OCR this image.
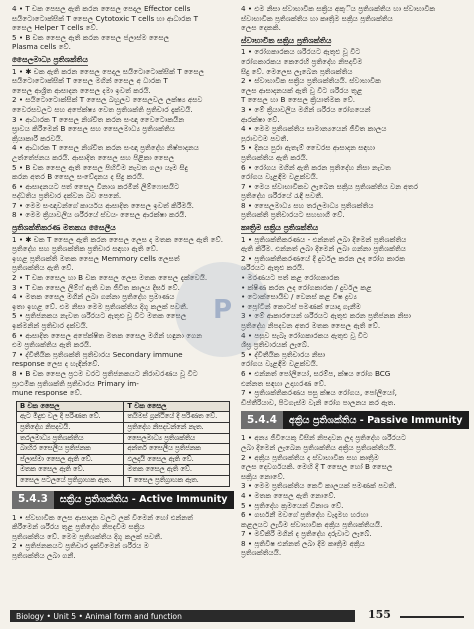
4 • T චක පෙසල ඇති කරන සෛල පෙදල Effector cells
සයිටොටොක්සික් T සෛල Cytotoxic T cells හා ආධාරක T
සෛල Helper T cells වේ.
5 • B චක සෛල ඇති කරන සෛල ජලාස්ම සෛල
Plasma cells වේ.
සෛලමාධ්‍ය ප්‍රතිශක්තිය
1 • ✱ චක ඇති කරන සෛල පෙදල සයිටොටොක්සික් T සෛල
සයිටොටොක්සික් T සෛල මගින් සෛල අ ධාරක T
සෛල ආශ්‍රිත ආසාදන සෛල දමා ඉවත් කරයි.
2 • සයිටොටොක්සික් T සෛල බහුලව සෛලවල ලක්ෂ්‍ය අසව
වෛරසවලට සහ අපේක්ෂ්‍ය වෙත ප්‍රතිශක්ති ප්‍රතිචාර දැක්වයි.
3 • ආධාරක T සෛල නිශ්චිත කරන සංඥා වෛටොකයින
ස්‍රාවය කිරීමෙන් B සෛල සහ සෛලමාධ්‍ය ප්‍රතිශක්තිය
ක්‍රියාකාරී කරවයි.
4 • ආධාරක T සෛල නිශ්චිත කරන සංඥා ප්‍රතිදේහ නිෂ්පාදනය
උත්තේජනය කරයි. ආසාදිත සෛල සහ පිළිකා සෛල
5 • B චක සෛල ඇති සෛල පිහිටීම නැවත ගලා යෑම සිදු
කරන අතර B සෛල සංවේදනය ද සිදු කරයි.
6 • ආසාදනයට පත් සෛල විනාශ කරමින් ලිම්ෆොසයිට
පද්ධතිය ප්‍රතිචාර දක්වන බව පෙනේ.
7 • මෙම සංඥාවන්ගේ කාර්යය ආසාදිත සෛල ඉවත් කිරීමයි.
8 • මෙම ක්‍රියාවලිය ශරීරයේ ස්වයං සෛල ආරක්ෂා කරයි.
ප්‍රතිශක්තිකරණ මතකය සෛලීය
1 • ✱ චක T සෛල ඇති කරන සෛල ලෙස ද මතක සෛල ඇති වේ.
ප්‍රතිදේහ සහ ප්‍රතිශක්තික ප්‍රතිචාර සඳහා ඇති වේ.
ඉහළ ප්‍රතිශක්ති මතක සෛල Memmory cells ලෙසත්
ප්‍රතිශක්තිය ඇති වේ.
2 • T චක සෛල හා B චක සෛල ලෙස මතක සෛල දැක්වෙයි.
3 • T චක සෛල ලිම්ෆ් ඇති වන ජීවිත කාලය දීර්ඝ වේ.
4 • මතක සෛල මගින් ලබා ගන්නා ප්‍රතිදේහ ප්‍රමාණය
ඉතා ඉහළ වේ. එම නිසා මෙම ප්‍රතිශක්තිය දිගු කලක් පවතී.
5 • ප්‍රතිජනකය නැවත ශරීරයට ඇතුළු වූ විට මතක සෛල
ඉක්මනින් ප්‍රතිචාර දක්වයි.
6 • ආසාදිත සෛල අපේක්ෂිත මතක සෛල මගින් හඳුනා ගෙන
එම ප්‍රතිශක්තිය ඇති කරයි.
7 • ද්විතීයික ප්‍රතිශක්ති ප්‍රතිචාරය Secondary immune
response ලෙස ද හැඳින්වේ.
8 • B චක සෛල ප්‍රථම වරට ප්‍රතිජනකයට නිරාවරණය වූ විට
ප්‍රාථමික ප්‍රතිශක්ති ප්‍රතිචාරය Primary im-
mune response වේ.
B චක සෛල	T චක සෛල
ඇට මිදුළු වල දී පරිණත වේ.	තයිමස් ග්‍රන්ථියේ දී පරිණත වේ.
ප්‍රතිදේහ නිපදවයි.	ප්‍රතිදේහ නිපදවන්නේ නැත.
තරලමාධ්‍ය ප්‍රතිශක්තිය	සෛලමාධ්‍ය ප්‍රතිශක්තිය
බාහිර සෛලීය ප්‍රතිජනක	අන්තර් සෛලීය ප්‍රතිජනක
ප්ලාස්මා සෛල ඇති වේ.	ඵලදායී සෛල ඇති වේ.
මතක සෛල ඇති වේ.	මතක සෛල ඇති වේ.
සෛල පටලයේ ප්‍රතිග්‍රාහක ඇත.	T සෛල ප්‍රතිග්‍රාහක ඇත.
5.4.3	සක්‍රිය ප්‍රතිශක්තිය - Active Immunity
1 • ස්වභාවික ලෙස ආසාදන වලට ලක් වීමෙන් හෝ එන්නත්
කිරීමෙන් ශරීරය තුළ ප්‍රතිදේහ නිපදවීම සක්‍රිය
ප්‍රතිශක්තිය වේ. මෙම ප්‍රතිශක්තිය දිගු කලක් පවතී.
2 • ප්‍රතිජනකයට ප්‍රතිචාර දැක්වීමෙන් ශරීරය ම
ප්‍රතිශක්තිය ලබා ගනී.
4 • එම නිසා ස්වාභාවික සක්‍රිය අකුිය ප්‍රතිශක්තිය හා ස්වාභාවික
ස්වාභාවික ප්‍රතිශක්තිය හා කෘත්‍රිම සක්‍රිය ප්‍රතිශක්තිය
ලෙස දෙකකි.
ස්වාභාවික සක්‍රිය ප්‍රතිශක්තිය
1 • රෝගකාරකය ශරීරයට ඇතුළු වූ විට
රෝගකාරකය කෙරෙහි ප්‍රතිදේහ නිපදවීම
සිදු වේ. මෙලෙස ලැබෙන ප්‍රතිශක්තිය
2 • ස්වාභාවික සක්‍රිය ප්‍රතිශක්තියයි. ස්වාභාවික
ලෙස ආසාදනයක් ඇති වූ විට ශරීරය තුළ
T සෛල හා B සෛල ක්‍රියාත්මක වේ.
3 • මේ ක්‍රියාවලිය මගින් ශරීරය රෝගයෙන්
ආරක්ෂා වේ.
4 • මෙම ප්‍රතිශක්තිය සාමාන්‍යයෙන් ජීවිත කාලය
පුරාවටම පවතී.
5 • දිනය පුරා ඇතැම් වෛරස ආසාදන සඳහා
ප්‍රතිශක්තිය ඇති කරයි.
6 • රෝගය මගින් ඇති කරන ප්‍රතිදේහ නිසා නැවත
රෝගය වැළඳීම වළක්වයි.
7 • මෙය ස්වාභාවිකව ලැබෙන සක්‍රිය ප්‍රතිශක්තිය වන අතර
ප්‍රතිදේහ ශරීරයේ රැඳී පවතී.
8 • සෛලමාධ්‍ය සහ තරලමාධ්‍ය ප්‍රතිශක්තිය
ප්‍රතිශක්ති ප්‍රතිචාරයට සහභාගී වේ.
කෘත්‍රිම සක්‍රිය ප්‍රතිශක්තිය
1 • ප්‍රතිශක්තිකරණය - එන්නත් ලබා දීමෙන් ප්‍රතිශක්තිය
ඇති කිරීම. එන්නත් ලබා දීමෙන් ලබා ගන්නා ප්‍රතිශක්තිය
2 • ප්‍රතිශක්තිකරණයේ දී දුර්වල කරන ලද රෝග කාරක
ශරීරයට ඇතුළු කරයි.
• මරණයට පත් කළ රෝගකාරක
• ක්ෂීණ කරන ලද රෝගකාරක / දුර්වල කළ
• ටොක්සොයිඩ / වෙනස් කළ විෂ ද්‍රව්‍ය
• ප්‍රෝටීන් කොටස් පමණක් යොදා ගැනීම
3 • මේ ආකාරයෙන් ශරීරයට ඇතුළු කරන ප්‍රතිජනක නිසා
ප්‍රතිදේහ නිපදවන අතර මතක සෛල ඇති වේ.
4 • පසුව සැබෑ රෝගකාරකය ඇතුළු වූ විට
ශීඝ්‍ර ප්‍රතිචාරයක් ලැබේ.
5 • ද්විතීයික ප්‍රතිචාරය නිසා
රෝගය වැළඳීම වළක්වයි.
6 • එන්නත් පෝලියෝ, සරම්ප, ක්ෂය රෝග BCG
එන්නත සඳහා උදාහරණ වේ.
7 • ප්‍රතිශක්තිකරණය පසු ක්ෂය රෝගය, පෝලියෝ,
ඩිප්තීරියාව, පිටගැස්ම වැනි රෝග පාලනය කර ඇත.
5.4.4	අක්‍රිය ප්‍රතිශක්තිය - Passive Immunity
1 • අන්‍ය ජීවියෙකු විසින් නිපදවන ලද ප්‍රතිදේහ ශරීරයට
ලබා දීමෙන් ලැබෙන ප්‍රතිශක්තිය අක්‍රිය ප්‍රතිශක්තියයි.
2 • අක්‍රිය ප්‍රතිශක්තිය ද ස්වාභාවික සහ කෘත්‍රිම
ලෙස දෙවර්ගයකි. මෙහි දී T සෛල හෝ B සෛල
සක්‍රිය නොවේ.
3 • මෙම ප්‍රතිශක්තිය කෙටි කාලයක් පමණක් පවතී.
4 • මතක සෛල ඇති නොවේ.
5 • ප්‍රතිදේහ ක්‍රමයෙන් විනාශ වේ.
6 • ගර්භනී මවගේ ප්‍රතිදේහ වැදෑමහ හරහා
කළලයට ලැබීම ස්වාභාවික අක්‍රිය ප්‍රතිශක්තියයි.
7 • මව්කිරි මගින් ද ප්‍රතිදේහ දරුවාට ලැබේ.
8 • ප්‍රතිවිෂ එන්නත් ලබා දීම කෘත්‍රිම අක්‍රිය
ප්‍රතිශක්තියයි.
P
Biology • Unit 5 • Animal form and function	155
